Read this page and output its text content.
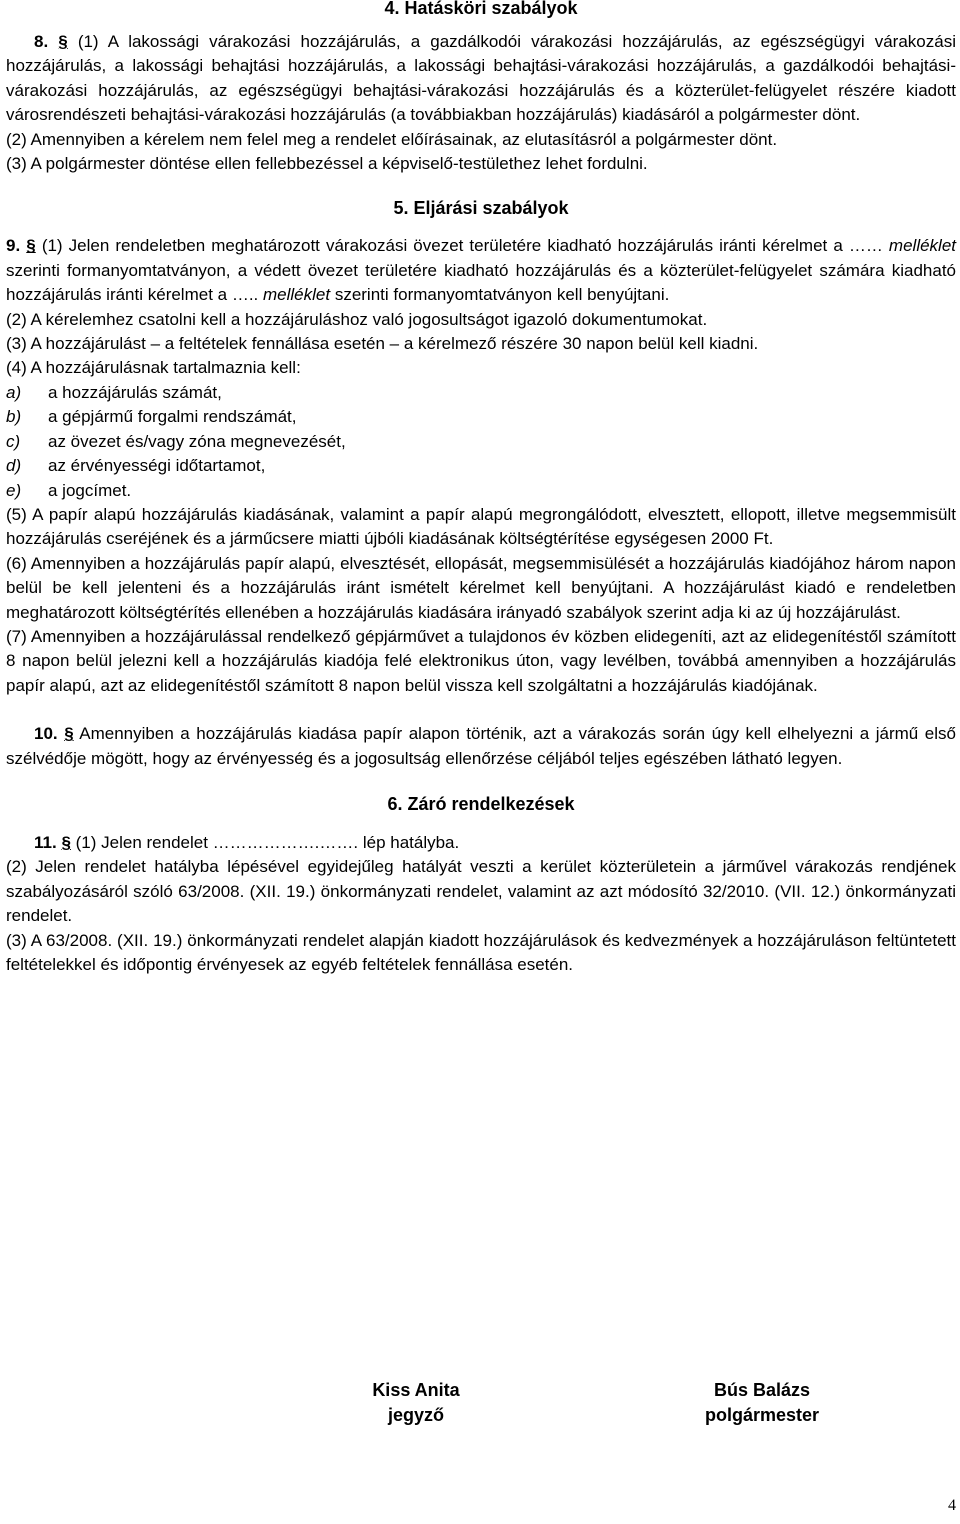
4. Hatásköri szabályok

8. § (1) A lakossági várakozási hozzájárulás, a gazdálkodói várakozási hozzájárulás, az egészségügyi várakozási hozzájárulás, a lakossági behajtási hozzájárulás, a lakossági behajtási-várakozási hozzájárulás, a gazdálkodói behajtási-várakozási hozzájárulás, az egészségügyi behajtási-várakozási hozzájárulás és a közterület-felügyelet részére kiadott városrendészeti behajtási-várakozási hozzájárulás (a továbbiakban hozzájárulás) kiadásáról a polgármester dönt.

(2) Amennyiben a kérelem nem felel meg a rendelet előírásainak, az elutasításról a polgármester dönt.

(3) A polgármester döntése ellen fellebbezéssel a képviselő-testülethez lehet fordulni.

5. Eljárási szabályok

9. § (1) Jelen rendeletben meghatározott várakozási övezet területére kiadható hozzájárulás iránti kérelmet a …… melléklet szerinti formanyomtatványon, a védett övezet területére kiadható hozzájárulás és a közterület-felügyelet számára kiadható hozzájárulás iránti kérelmet a ….. melléklet szerinti formanyomtatványon kell benyújtani.

(2) A kérelemhez csatolni kell a hozzájáruláshoz való jogosultságot igazoló dokumentumokat.

(3) A hozzájárulást – a feltételek fennállása esetén – a kérelmező részére 30 napon belül kell kiadni.

(4) A hozzájárulásnak tartalmaznia kell:

a)	a hozzájárulás számát,
b)	a gépjármű forgalmi rendszámát,
c)	az övezet és/vagy zóna megnevezését,
d)	az érvényességi időtartamot,
e)	a jogcímet.

(5) A papír alapú hozzájárulás kiadásának, valamint a papír alapú megrongálódott, elvesztett, ellopott, illetve megsemmisült hozzájárulás cseréjének és a járműcsere miatti újbóli kiadásának költségtérítése egységesen 2000 Ft.

(6) Amennyiben a hozzájárulás papír alapú, elvesztését, ellopását, megsemmisülését a hozzájárulás kiadójához három napon belül be kell jelenteni és a hozzájárulás iránt ismételt kérelmet kell benyújtani. A hozzájárulást kiadó e rendeletben meghatározott költségtérítés ellenében a hozzájárulás kiadására irányadó szabályok szerint adja ki az új hozzájárulást.

(7) Amennyiben a hozzájárulással rendelkező gépjárművet a tulajdonos év közben elidegeníti, azt az elidegenítéstől számított 8 napon belül jelezni kell a hozzájárulás kiadója felé elektronikus úton, vagy levélben, továbbá amennyiben a hozzájárulás papír alapú, azt az elidegenítéstől számított 8 napon belül vissza kell szolgáltatni a hozzájárulás kiadójának.

10. § Amennyiben a hozzájárulás kiadása papír alapon történik, azt a várakozás során úgy kell elhelyezni a jármű első szélvédője mögött, hogy az érvényesség és a jogosultság ellenőrzése céljából teljes egészében látható legyen.

6. Záró rendelkezések

11. § (1) Jelen rendelet ……………….……. lép hatályba.

(2) Jelen rendelet hatályba lépésével egyidejűleg hatályát veszti a kerület közterületein a járművel várakozás rendjének szabályozásáról szóló 63/2008. (XII. 19.) önkormányzati rendelet, valamint az azt módosító 32/2010. (VII. 12.) önkormányzati rendelet.

(3) A 63/2008. (XII. 19.) önkormányzati rendelet alapján kiadott hozzájárulások és kedvezmények a hozzájáruláson feltüntetett feltételekkel és időpontig érvényesek az egyéb feltételek fennállása esetén.

Kiss Anita
jegyző
Bús Balázs
polgármester
4
